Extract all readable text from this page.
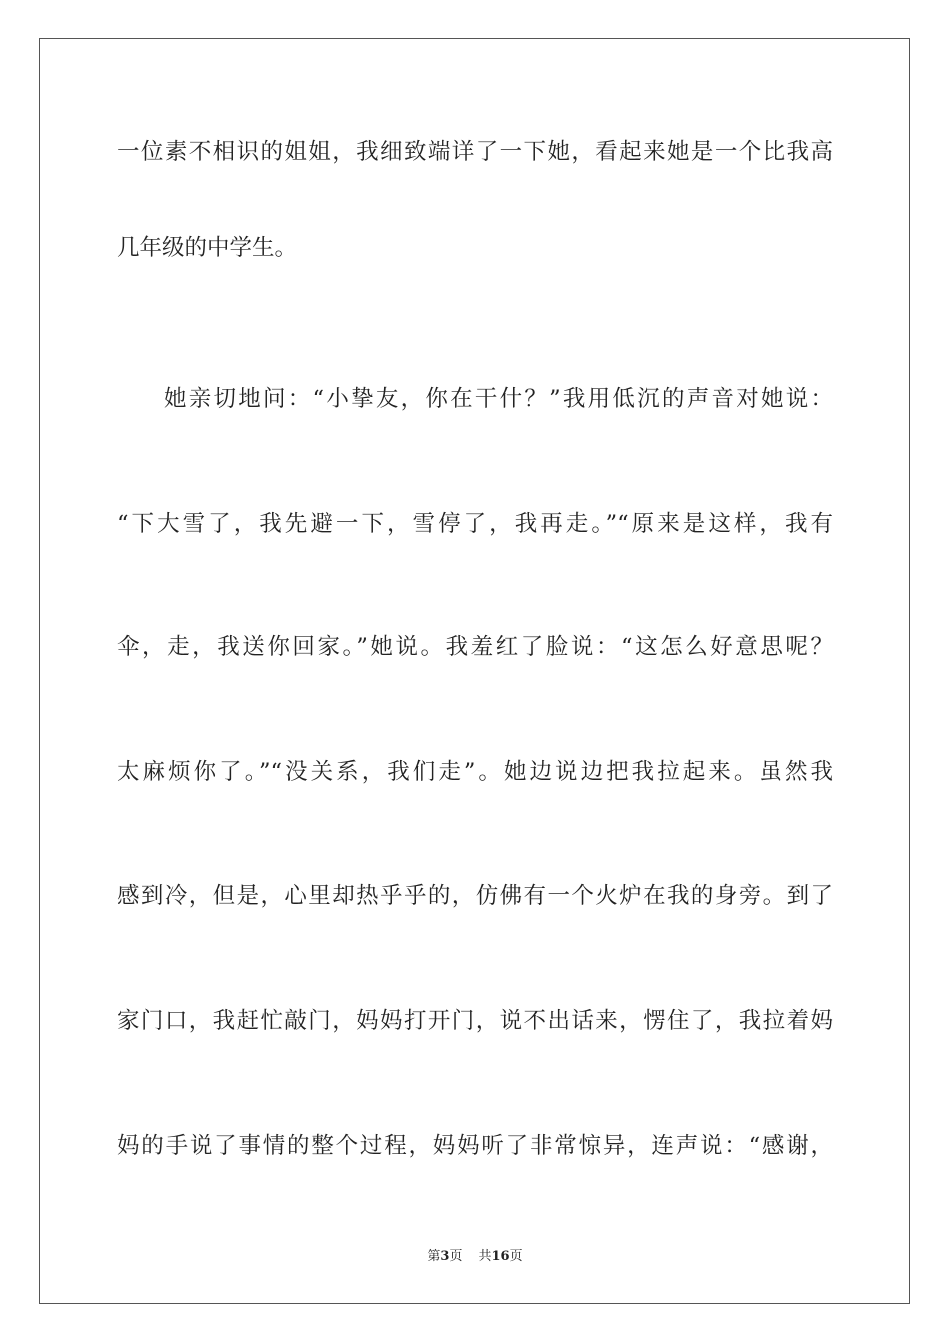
一位素不相识的姐姐，我细致端详了一下她，看起来她是一个比我高
几年级的中学生。
她亲切地问：“小挚友，你在干什？”我用低沉的声音对她说：
“下大雪了，我先避一下，雪停了，我再走。”“原来是这样，我有
伞，走，我送你回家。”她说。我羞红了脸说：“这怎么好意思呢？
太麻烦你了。”“没关系，我们走”。她边说边把我拉起来。虽然我
感到冷，但是，心里却热乎乎的，仿佛有一个火炉在我的身旁。到了
家门口，我赶忙敲门，妈妈打开门，说不出话来，愣住了，我拉着妈
妈的手说了事情的整个过程，妈妈听了非常惊异，连声说：“感谢，
第3页 共16页
